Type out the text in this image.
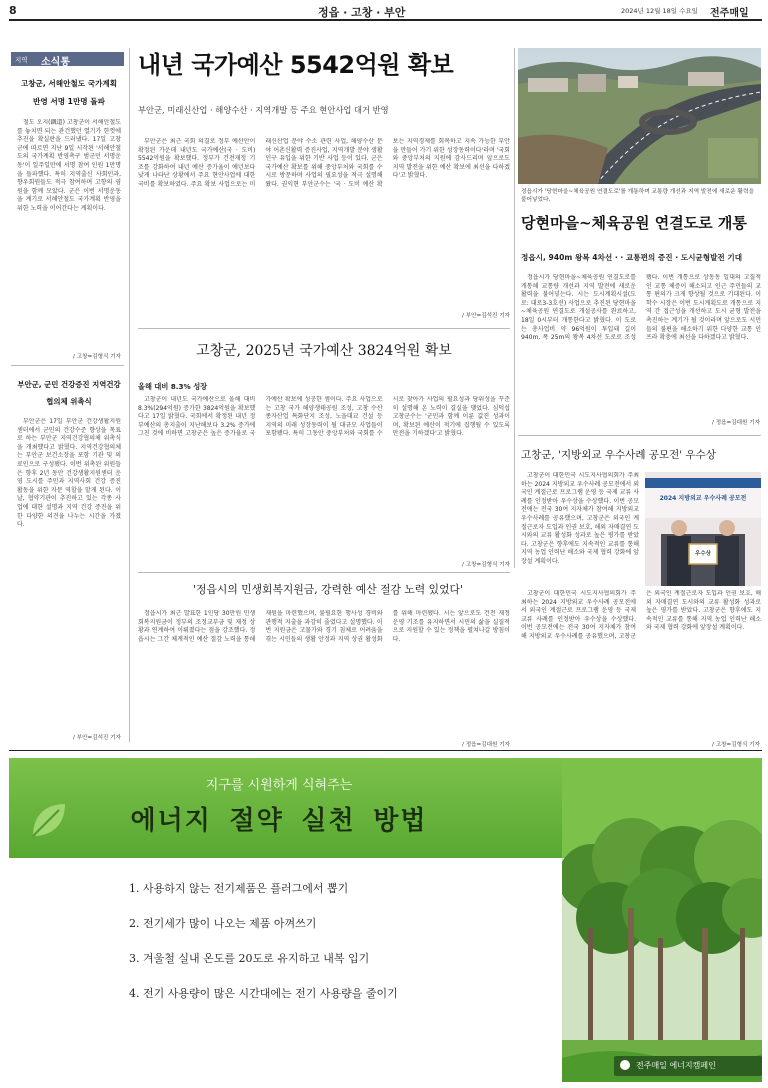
8	정읍 · 고창 · 부안	2024년 12월 18일 수요일 전주매일
지역 소식통
고창군, 서해안철도 국가계획 반영 서명 1만명 돌파

철도 오지(鐵道) 고창군이 서해안철도를 놓치면 되는 관건했던 열기가 한껏에 추진을 확실판을 드러냈다. 17일 고창군에 따르면 지난 9일 시작된 '서해안철도의 국가계획 반영촉구 범군민 서명운동'이 일주일만에 서명 참여 인원 1만명을 돌파했다. 특히 지역출신 사회인과, 향우회원들도 적극 참여하며 고향의 염원을 함께 모았다. 군은 이번 서명운동을 계기로 서해안철도 국가계획 반영을 위한 노력을 이어간다는 계획이다.

/ 고창=김형식 기자
부안군, 군민 건강증진 지역건강협의체 위촉식

부안군은 17일 부안군 건강생활지원센터에서 군민의 건강수준 향상을 목표로 하는 부안군 지역건강협의체 위촉식을 개최했다고 밝혔다. 지역건강협의체는 부안군 보건소장을 포함 기관 및 의료인으로 구성됐다. 이번 위촉된 위원들은 향후 2년 동안 건강생활지원센터 운영 도시를 주민과 지역사회 건강 증진 활동을 위한 자문 역할을 맡게 된다. 이날, 협약기관이 추진하고 있는 각종 사업에 대한 설명과 지역 건강 증진을 위한 다양한 의견을 나누는 시간을 가졌다.

/ 부안=김석진 기자
내년 국가예산 5542억원 확보
부안군, 미래신산업 · 해양수산 · 지역개발 등 주요 현안사업 대거 반영

부안군은 최근 국회 의결로 정부 예산안이 확정된 가운데 내년도 국가예산(국 · 도비) 5542억원을 확보했다. 정부가 건전재정 기조를 강화하여 내년 예산 증가율이 예년보다 낮게 나타난 상황에서 주요 현안사업에 대한 국비를 확보하였다. 주요 확보 사업으로는 미래신산업 분야 수소 관련 사업, 해양수산 분야 어촌신활력 증진사업, 지역개발 분야 생활인구 유입을 위한 기반 사업 등이 있다. 군은 국가예산 확보를 위해 중앙부처와 국회를 수시로 방문하며 사업의 필요성을 적극 설명해 왔다. 권익현 부안군수는 '국 · 도비 예산 확보는 지역경제를 회복하고 지속 가능한 부안을 만들어 가기 위한 성장동력이다'라며 '국회와 중앙부처의 지원에 감사드리며 앞으로도 지역 발전을 위한 예산 확보에 최선을 다하겠다'고 밝혔다.

/ 부안=김석진 기자
정읍시가 '당현마을~체육공원 연결도로'를 개통하며 교통량 개선과 지역 발전에 새로운 활력을 불어넣었다.
당현마을~체육공원 연결도로 개통
정읍시, 940m 왕복 4차선 · · 교통편의 증진 · 도시균형발전 기대

정읍시가 당현마을~체육공원 연결도로를 개통해 교통량 개선과 지역 발전에 새로운 활력을 불어넣는다. 시는 도시계획시설(도로: 대로3-3호선) 사업으로 추진된 당현마을~체육공원 연결도로 개설공사를 완료하고, 18일 0시부터 개통한다고 밝혔다. 이 도로는 총사업비 약 96억원이 투입돼 길이 940m, 폭 25m의 왕복 4차선 도로로 조성됐다. 이번 개통으로 상동동 일대의 고질적인 교통 체증이 해소되고 인근 주민들의 교통 편의가 크게 향상될 것으로 기대된다. 이학수 시장은 이번 도시계획도로 개통으로 지역 간 접근성을 개선하고 도시 균형 발전을 촉진하는 계기가 될 것이라며 앞으로도 시민들의 불편을 해소하기 위한 다양한 교통 인프라 확충에 최선을 다하겠다고 밝혔다.

/ 정읍=김대원 기자
고창군, 2025년 국가예산 3824억원 확보
올해 대비 8.3% 성장

고창군이 내년도 국가예산으로 올해 대비 8.3%(294억원) 증가한 3824억원을 확보했다고 17일 밝혔다. 국회에서 확정된 내년 정부예산의 총지출이 지난해보다 3.2% 증가에 그친 것에 비하면 고창군은 높은 증가율로 국가예산 확보에 성공한 셈이다. 주요 사업으로는 고창 국가 해양생태공원 조성, 고창 수산종자산업 특화단지 조성, 노을대교 건설 등 지역의 미래 성장동력이 될 대규모 사업들이 포함됐다. 특히 그동안 중앙부처와 국회를 수시로 찾아가 사업의 필요성과 당위성을 꾸준히 설명해 온 노력이 결실을 맺었다. 심덕섭 고창군수는 '군민과 함께 이룬 값진 성과이며, 확보된 예산이 적기에 집행될 수 있도록 만전을 기하겠다'고 밝혔다.

/ 고창=김형식 기자
고창군, '지방외교 우수사례 공모전' 우수상

고창군이 대한민국 시도지사협의회가 주최하는 2024 지방외교 우수사례 공모전에서 외국인 계절근로 프로그램 운영 등 국제 교류 사례를 인정받아 우수상을 수상했다. 이번 공모전에는 전국 30여 지자체가 참여해 지방외교 우수사례를 공유했으며, 고창군은 외국인 계절근로자 도입과 인권 보호, 해외 자매결연 도시와의 교류 활성화 성과로 높은 평가를 받았다. 고창군은 향후에도 지속적인 교류를 통해 지역 농업 인력난 해소와 국제 협력 강화에 앞장설 계획이다.

2024 지방외교 우수사례 공모전
우수상
/ 고창=김형식 기자
'정읍시의 민생회복지원금, 강력한 예산 절감 노력 있었다'

정읍시가 최근 발표한 1인당 30만원 민생회복지원금이 정부의 조정교부금 및 재정 상황과 연계하여 이뤄졌다는 점을 강조했다. 정읍시는 그간 체계적인 예산 절감 노력을 통해 재원을 마련했으며, 불필요한 행사성 경비와 관행적 지출을 과감히 줄였다고 설명했다. 이번 지원금은 고물가와 경기 침체로 어려움을 겪는 시민들의 생활 안정과 지역 상권 활성화를 위해 마련됐다. 시는 앞으로도 건전 재정 운영 기조를 유지하면서 시민의 삶을 실질적으로 지원할 수 있는 정책을 펼쳐나갈 방침이다.

/ 정읍=김대원 기자

고창군이 대한민국 시도지사협의회가 주최하는 2024 지방외교 우수사례 공모전에서 외국인 계절근로 프로그램 운영 등 국제 교류 사례를 인정받아 우수상을 수상했다. 이번 공모전에는 전국 30여 지자체가 참여해 지방외교 우수사례를 공유했으며, 고창군은 외국인 계절근로자 도입과 인권 보호, 해외 자매결연 도시와의 교류 활성화 성과로 높은 평가를 받았다. 고창군은 향후에도 지속적인 교류를 통해 지역 농업 인력난 해소와 국제 협력 강화에 앞장설 계획이다.

지구를 시원하게 식혀주는
에너지 절약 실천 방법
1. 사용하지 않는 전기제품은 플러그에서 뽑기
2. 전기세가 많이 나오는 제품 아껴쓰기
3. 겨울철 실내 온도를 20도로 유지하고 내복 입기
4. 전기 사용량이 많은 시간대에는 전기 사용량을 줄이기
전주매일 에너지캠페인
